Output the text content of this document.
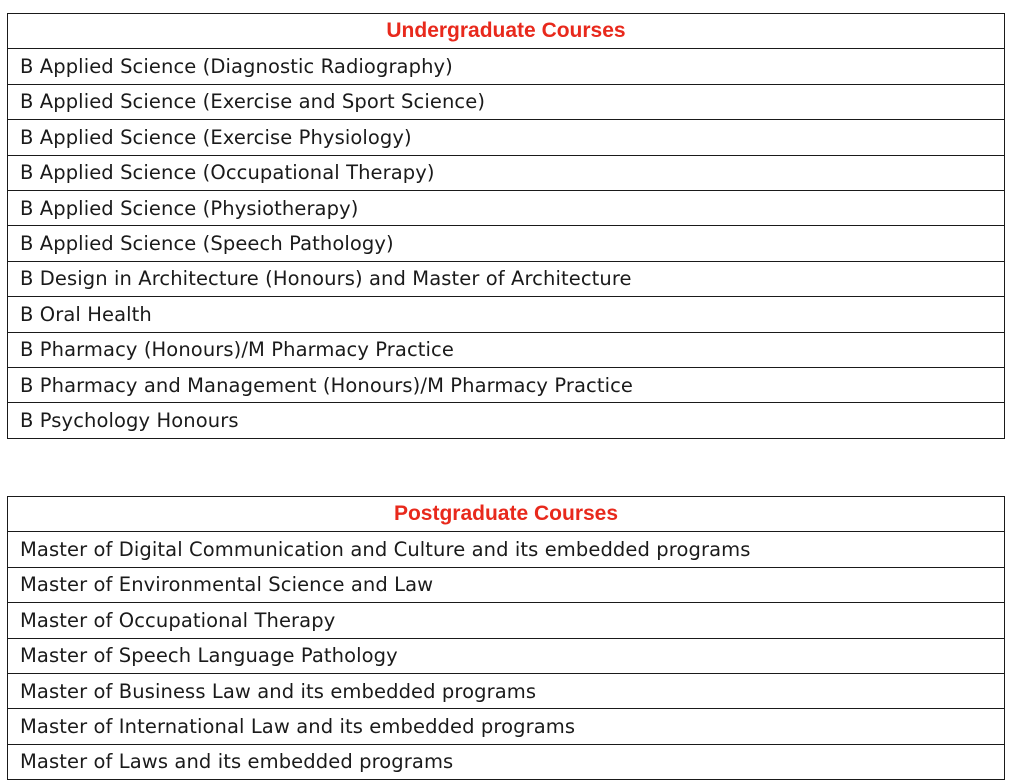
Undergraduate Courses
B Applied Science (Diagnostic Radiography)
B Applied Science (Exercise and Sport Science)
B Applied Science (Exercise Physiology)
B Applied Science (Occupational Therapy)
B Applied Science (Physiotherapy)
B Applied Science (Speech Pathology)
B Design in Architecture (Honours) and Master of Architecture
B Oral Health
B Pharmacy (Honours)/M Pharmacy Practice
B Pharmacy and Management (Honours)/M Pharmacy Practice
B Psychology Honours
Postgraduate Courses
Master of Digital Communication and Culture and its embedded programs
Master of Environmental Science and Law
Master of Occupational Therapy
Master of Speech Language Pathology
Master of Business Law and its embedded programs
Master of International Law and its embedded programs
Master of Laws and its embedded programs
